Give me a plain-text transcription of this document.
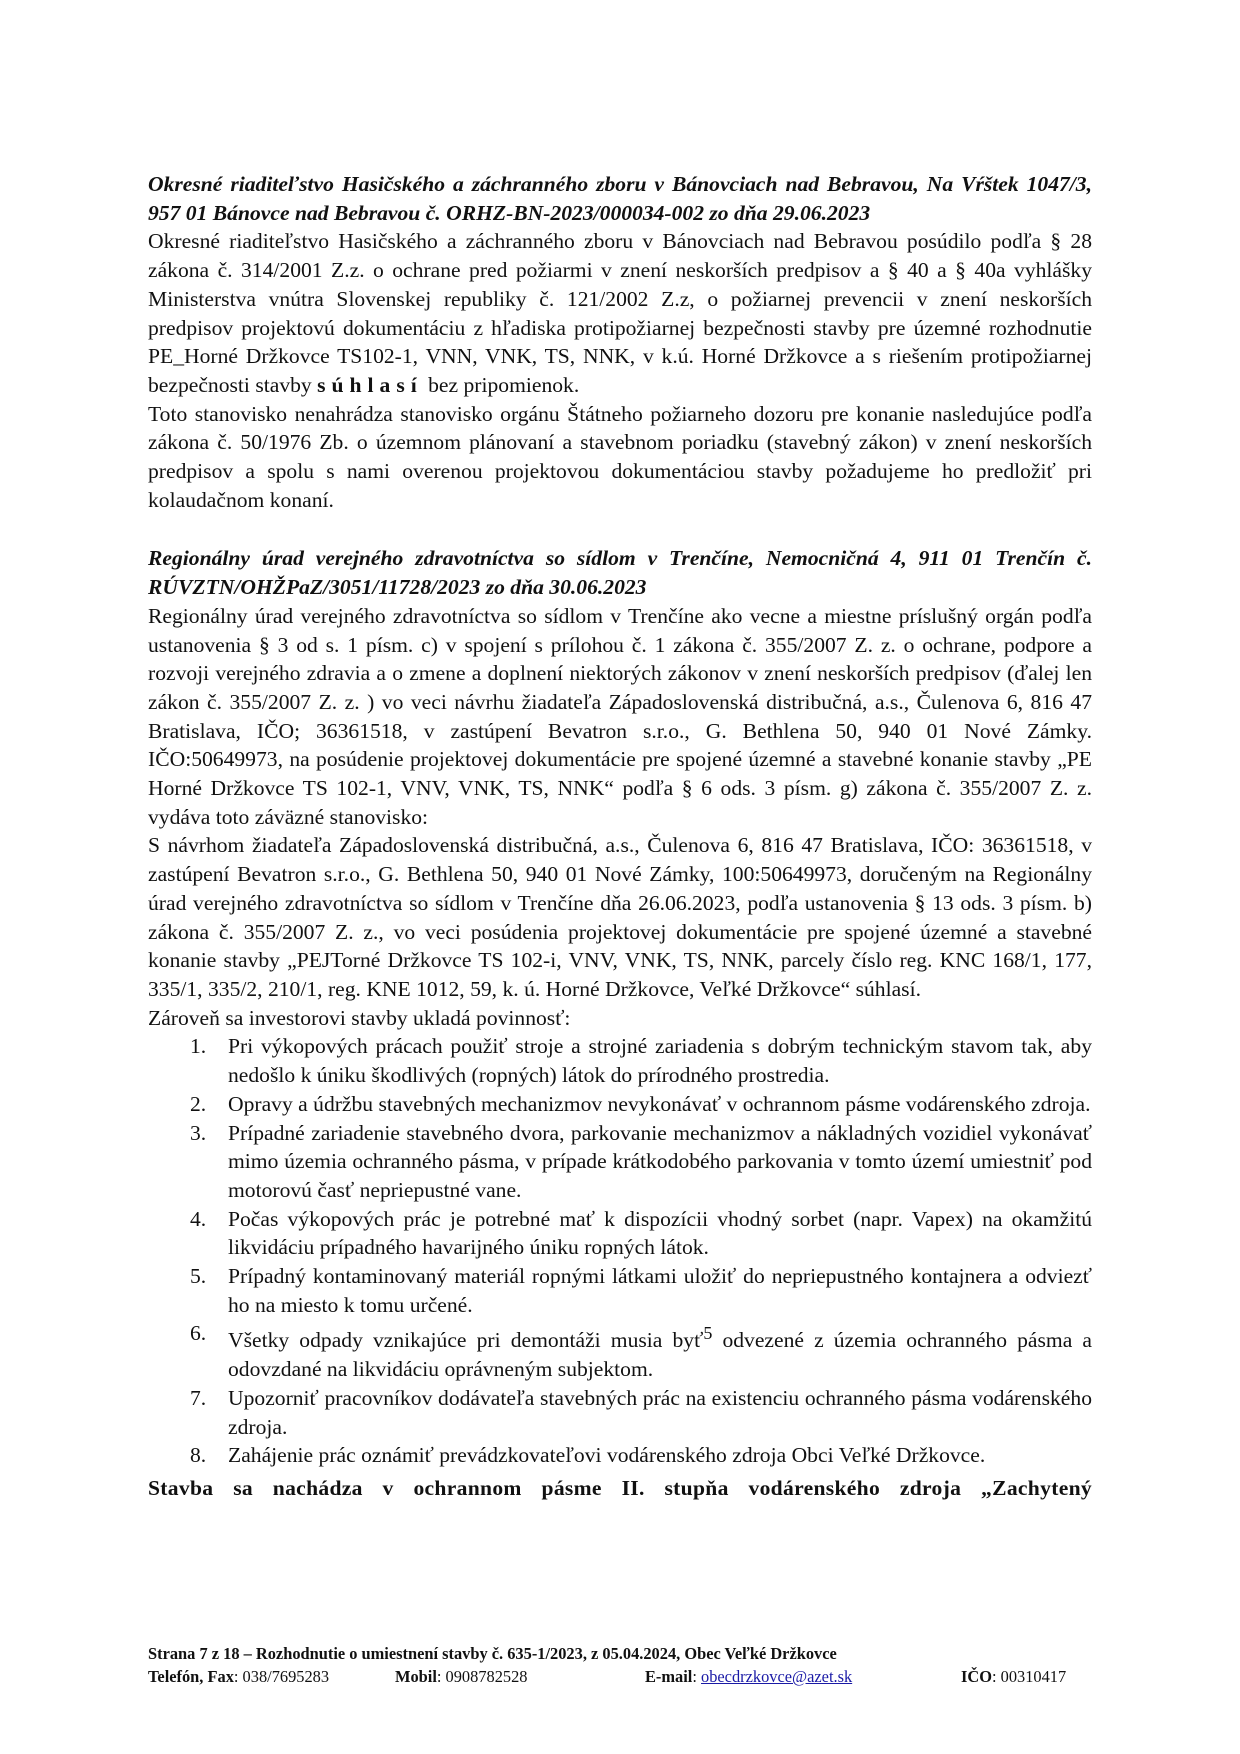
Okresné riaditeľstvo Hasičského a záchranného zboru v Bánovciach nad Bebravou, Na Vŕštek 1047/3, 957 01 Bánovce nad Bebravou č. ORHZ-BN-2023/000034-002 zo dňa 29.06.2023

Okresné riaditeľstvo Hasičského a záchranného zboru v Bánovciach nad Bebravou posúdilo podľa § 28 zákona č. 314/2001 Z.z. o ochrane pred požiarmi v znení neskorších predpisov a § 40 a § 40a vyhlášky Ministerstva vnútra Slovenskej republiky č. 121/2002 Z.z, o požiarnej prevencii v znení neskorších predpisov projektovú dokumentáciu z hľadiska protipožiarnej bezpečnosti stavby pre územné rozhodnutie PE_Horné Držkovce TS102-1, VNN, VNK, TS, NNK, v k.ú. Horné Držkovce a s riešením protipožiarnej bezpečnosti stavby súhlasí bez pripomienok.

Toto stanovisko nenahrádza stanovisko orgánu Štátneho požiarneho dozoru pre konanie nasledujúce podľa zákona č. 50/1976 Zb. o územnom plánovaní a stavebnom poriadku (stavebný zákon) v znení neskorších predpisov a spolu s nami overenou projektovou dokumentáciou stavby požadujeme ho predložiť pri kolaudačnom konaní.

Regionálny úrad verejného zdravotníctva so sídlom v Trenčíne, Nemocničná 4, 911 01 Trenčín č. RÚVZTN/OHŽPaZ/3051/11728/2023 zo dňa 30.06.2023

Regionálny úrad verejného zdravotníctva so sídlom v Trenčíne ako vecne a miestne príslušný orgán podľa ustanovenia § 3 od s. 1 písm. c) v spojení s prílohou č. 1 zákona č. 355/2007 Z. z. o ochrane, podpore a rozvoji verejného zdravia a o zmene a doplnení niektorých zákonov v znení neskorších predpisov (ďalej len zákon č. 355/2007 Z. z. ) vo veci návrhu žiadateľa Západoslovenská distribučná, a.s., Čulenova 6, 816 47 Bratislava, IČO; 36361518, v zastúpení Bevatron s.r.o., G. Bethlena 50, 940 01 Nové Zámky. IČO:50649973, na posúdenie projektovej dokumentácie pre spojené územné a stavebné konanie stavby „PE Horné Držkovce TS 102-1, VNV, VNK, TS, NNK“ podľa § 6 ods. 3 písm. g) zákona č. 355/2007 Z. z. vydáva toto záväzné stanovisko:

S návrhom žiadateľa Západoslovenská distribučná, a.s., Čulenova 6, 816 47 Bratislava, IČO: 36361518, v zastúpení Bevatron s.r.o., G. Bethlena 50, 940 01 Nové Zámky, 100:50649973, doručeným na Regionálny úrad verejného zdravotníctva so sídlom v Trenčíne dňa 26.06.2023, podľa ustanovenia § 13 ods. 3 písm. b) zákona č. 355/2007 Z. z., vo veci posúdenia projektovej dokumentácie pre spojené územné a stavebné konanie stavby „PEJTorné Držkovce TS 102-i, VNV, VNK, TS, NNK, parcely číslo reg. KNC 168/1, 177, 335/1, 335/2, 210/1, reg. KNE 1012, 59, k. ú. Horné Držkovce, Veľké Držkovce“ súhlasí.

Zároveň sa investorovi stavby ukladá povinnosť:

1. Pri výkopových prácach použiť stroje a strojné zariadenia s dobrým technickým stavom tak, aby nedošlo k úniku škodlivých (ropných) látok do prírodného prostredia.
2. Opravy a údržbu stavebných mechanizmov nevykonávať v ochrannom pásme vodárenského zdroja.
3. Prípadné zariadenie stavebného dvora, parkovanie mechanizmov a nákladných vozidiel vykonávať mimo územia ochranného pásma, v prípade krátkodobého parkovania v tomto území umiestniť pod motorovú časť nepriepustné vane.
4. Počas výkopových prác je potrebné mať k dispozícii vhodný sorbet (napr. Vapex) na okamžitú likvidáciu prípadného havarijného úniku ropných látok.
5. Prípadný kontaminovaný materiál ropnými látkami uložiť do nepriepustného kontajnera a odviezť ho na miesto k tomu určené.
6. Všetky odpady vznikajúce pri demontáži musia byť$^5$ odvezené z územia ochranného pásma a odovzdané na likvidáciu oprávneným subjektom.
7. Upozorniť pracovníkov dodávateľa stavebných prác na existenciu ochranného pásma vodárenského zdroja.
8. Zahájenie prác oznámiť prevádzkovateľovi vodárenského zdroja Obci Veľké Držkovce.

Stavba sa nachádza v ochrannom pásme II. stupňa vodárenského zdroja „Zachytený

Strana 7 z 18 – Rozhodnutie o umiestnení stavby č. 635-1/2023, z 05.04.2024, Obec Veľké Držkovce
Telefón, Fax: 038/7695283	Mobil: 0908782528	E-mail: obecdrzkovce@azet.sk	IČO: 00310417
